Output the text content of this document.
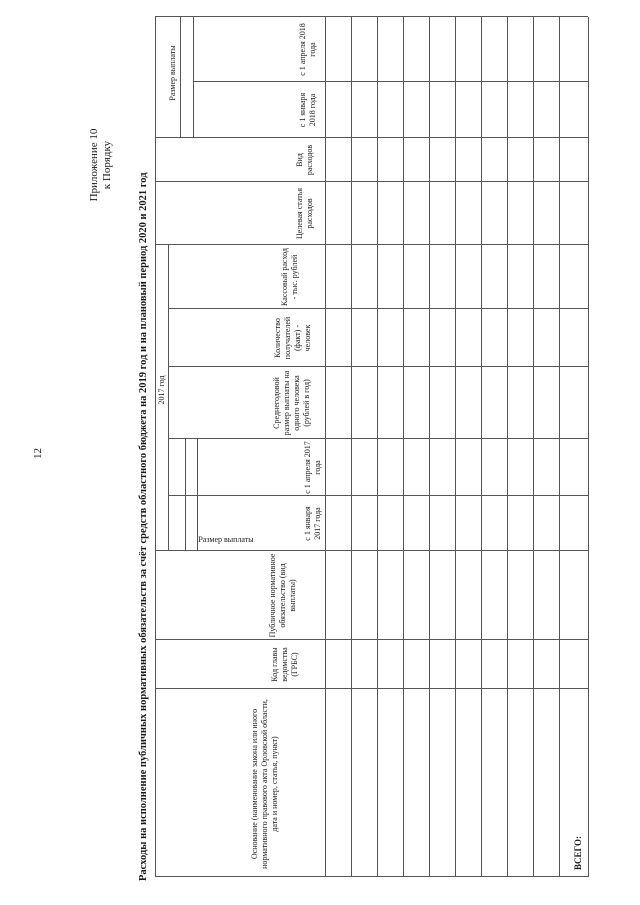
12
Приложение 10 к Порядку
Расходы на исполнение публичных нормативных обязательств за счёт средств областного бюджета на 2019 год и на плановый период 2020 и 2021 год	Основание (наименование закона или иного нормативного правового акта Орловской области, дата и номер, статья, пункт)
Код главы ведомства (ГРБС)
Публичное нормативное обязательство (вид выплаты)
2017 год
Размер выплаты	с 1 января 2017 года
с 1 апреля 2017 года
Среднегодовой размер выплаты на одного человека (рублей в год)
Количество получателей (факт) - человек
Кассовый расход - тыс. рублей
Целевая статья расходов
Вид расходов
Размер выплаты
с 1 января 2018 года
с 1 апреля 2018 года
ВСЕГО:
